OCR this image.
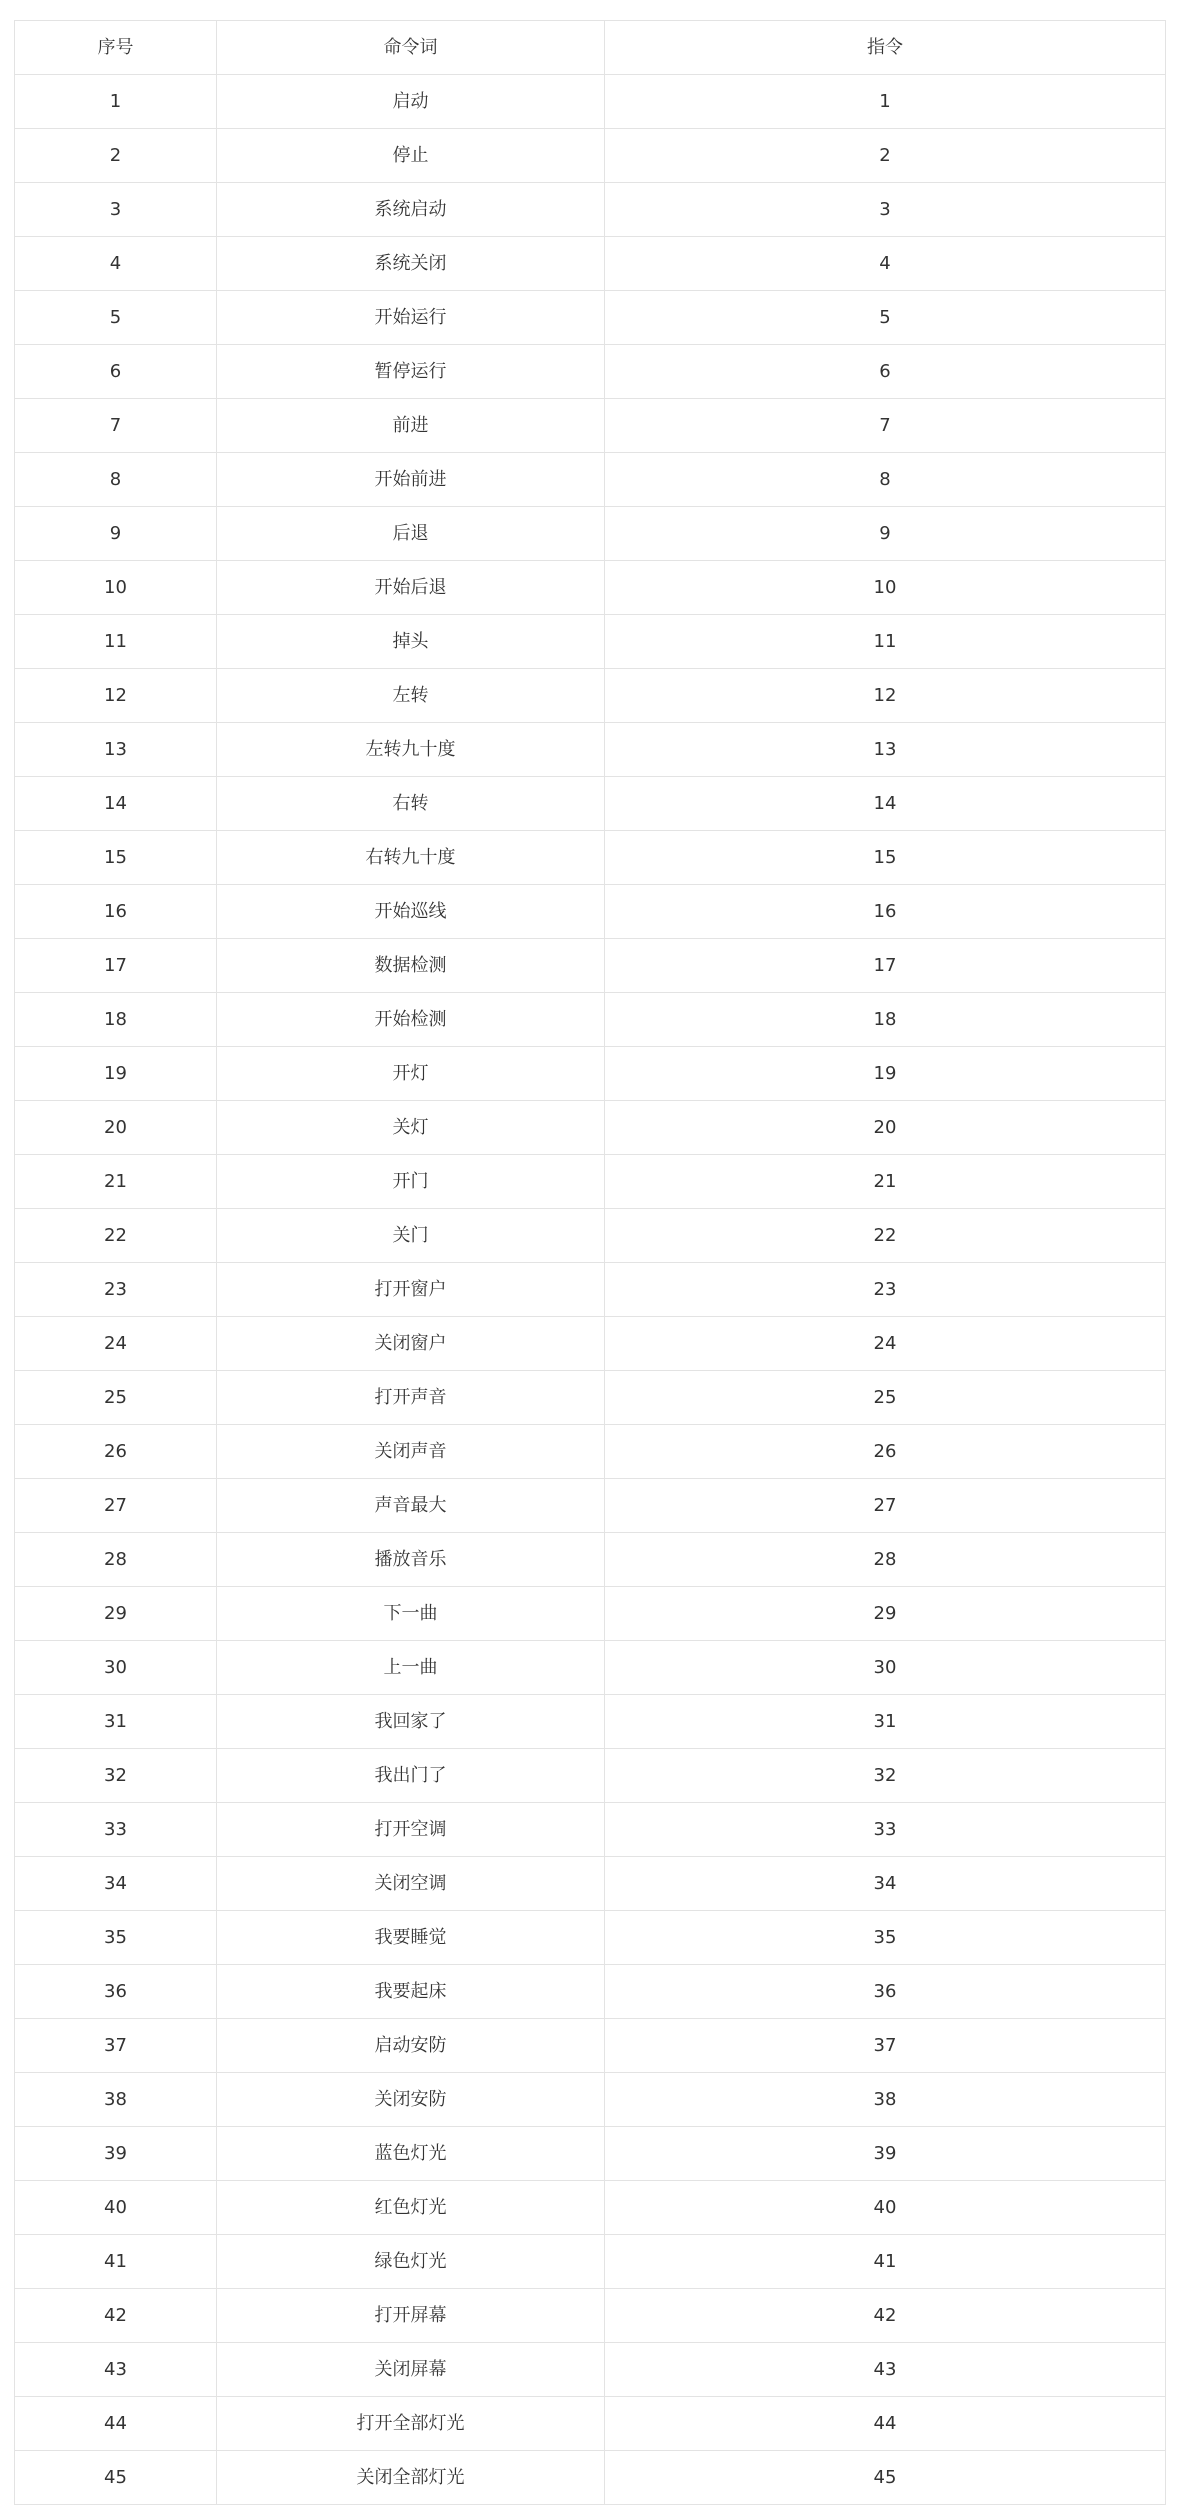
序号	命令词	指令
1	启动	1
2	停止	2
3	系统启动	3
4	系统关闭	4
5	开始运行	5
6	暂停运行	6
7	前进	7
8	开始前进	8
9	后退	9
10	开始后退	10
11	掉头	11
12	左转	12
13	左转九十度	13
14	右转	14
15	右转九十度	15
16	开始巡线	16
17	数据检测	17
18	开始检测	18
19	开灯	19
20	关灯	20
21	开门	21
22	关门	22
23	打开窗户	23
24	关闭窗户	24
25	打开声音	25
26	关闭声音	26
27	声音最大	27
28	播放音乐	28
29	下一曲	29
30	上一曲	30
31	我回家了	31
32	我出门了	32
33	打开空调	33
34	关闭空调	34
35	我要睡觉	35
36	我要起床	36
37	启动安防	37
38	关闭安防	38
39	蓝色灯光	39
40	红色灯光	40
41	绿色灯光	41
42	打开屏幕	42
43	关闭屏幕	43
44	打开全部灯光	44
45	关闭全部灯光	45
